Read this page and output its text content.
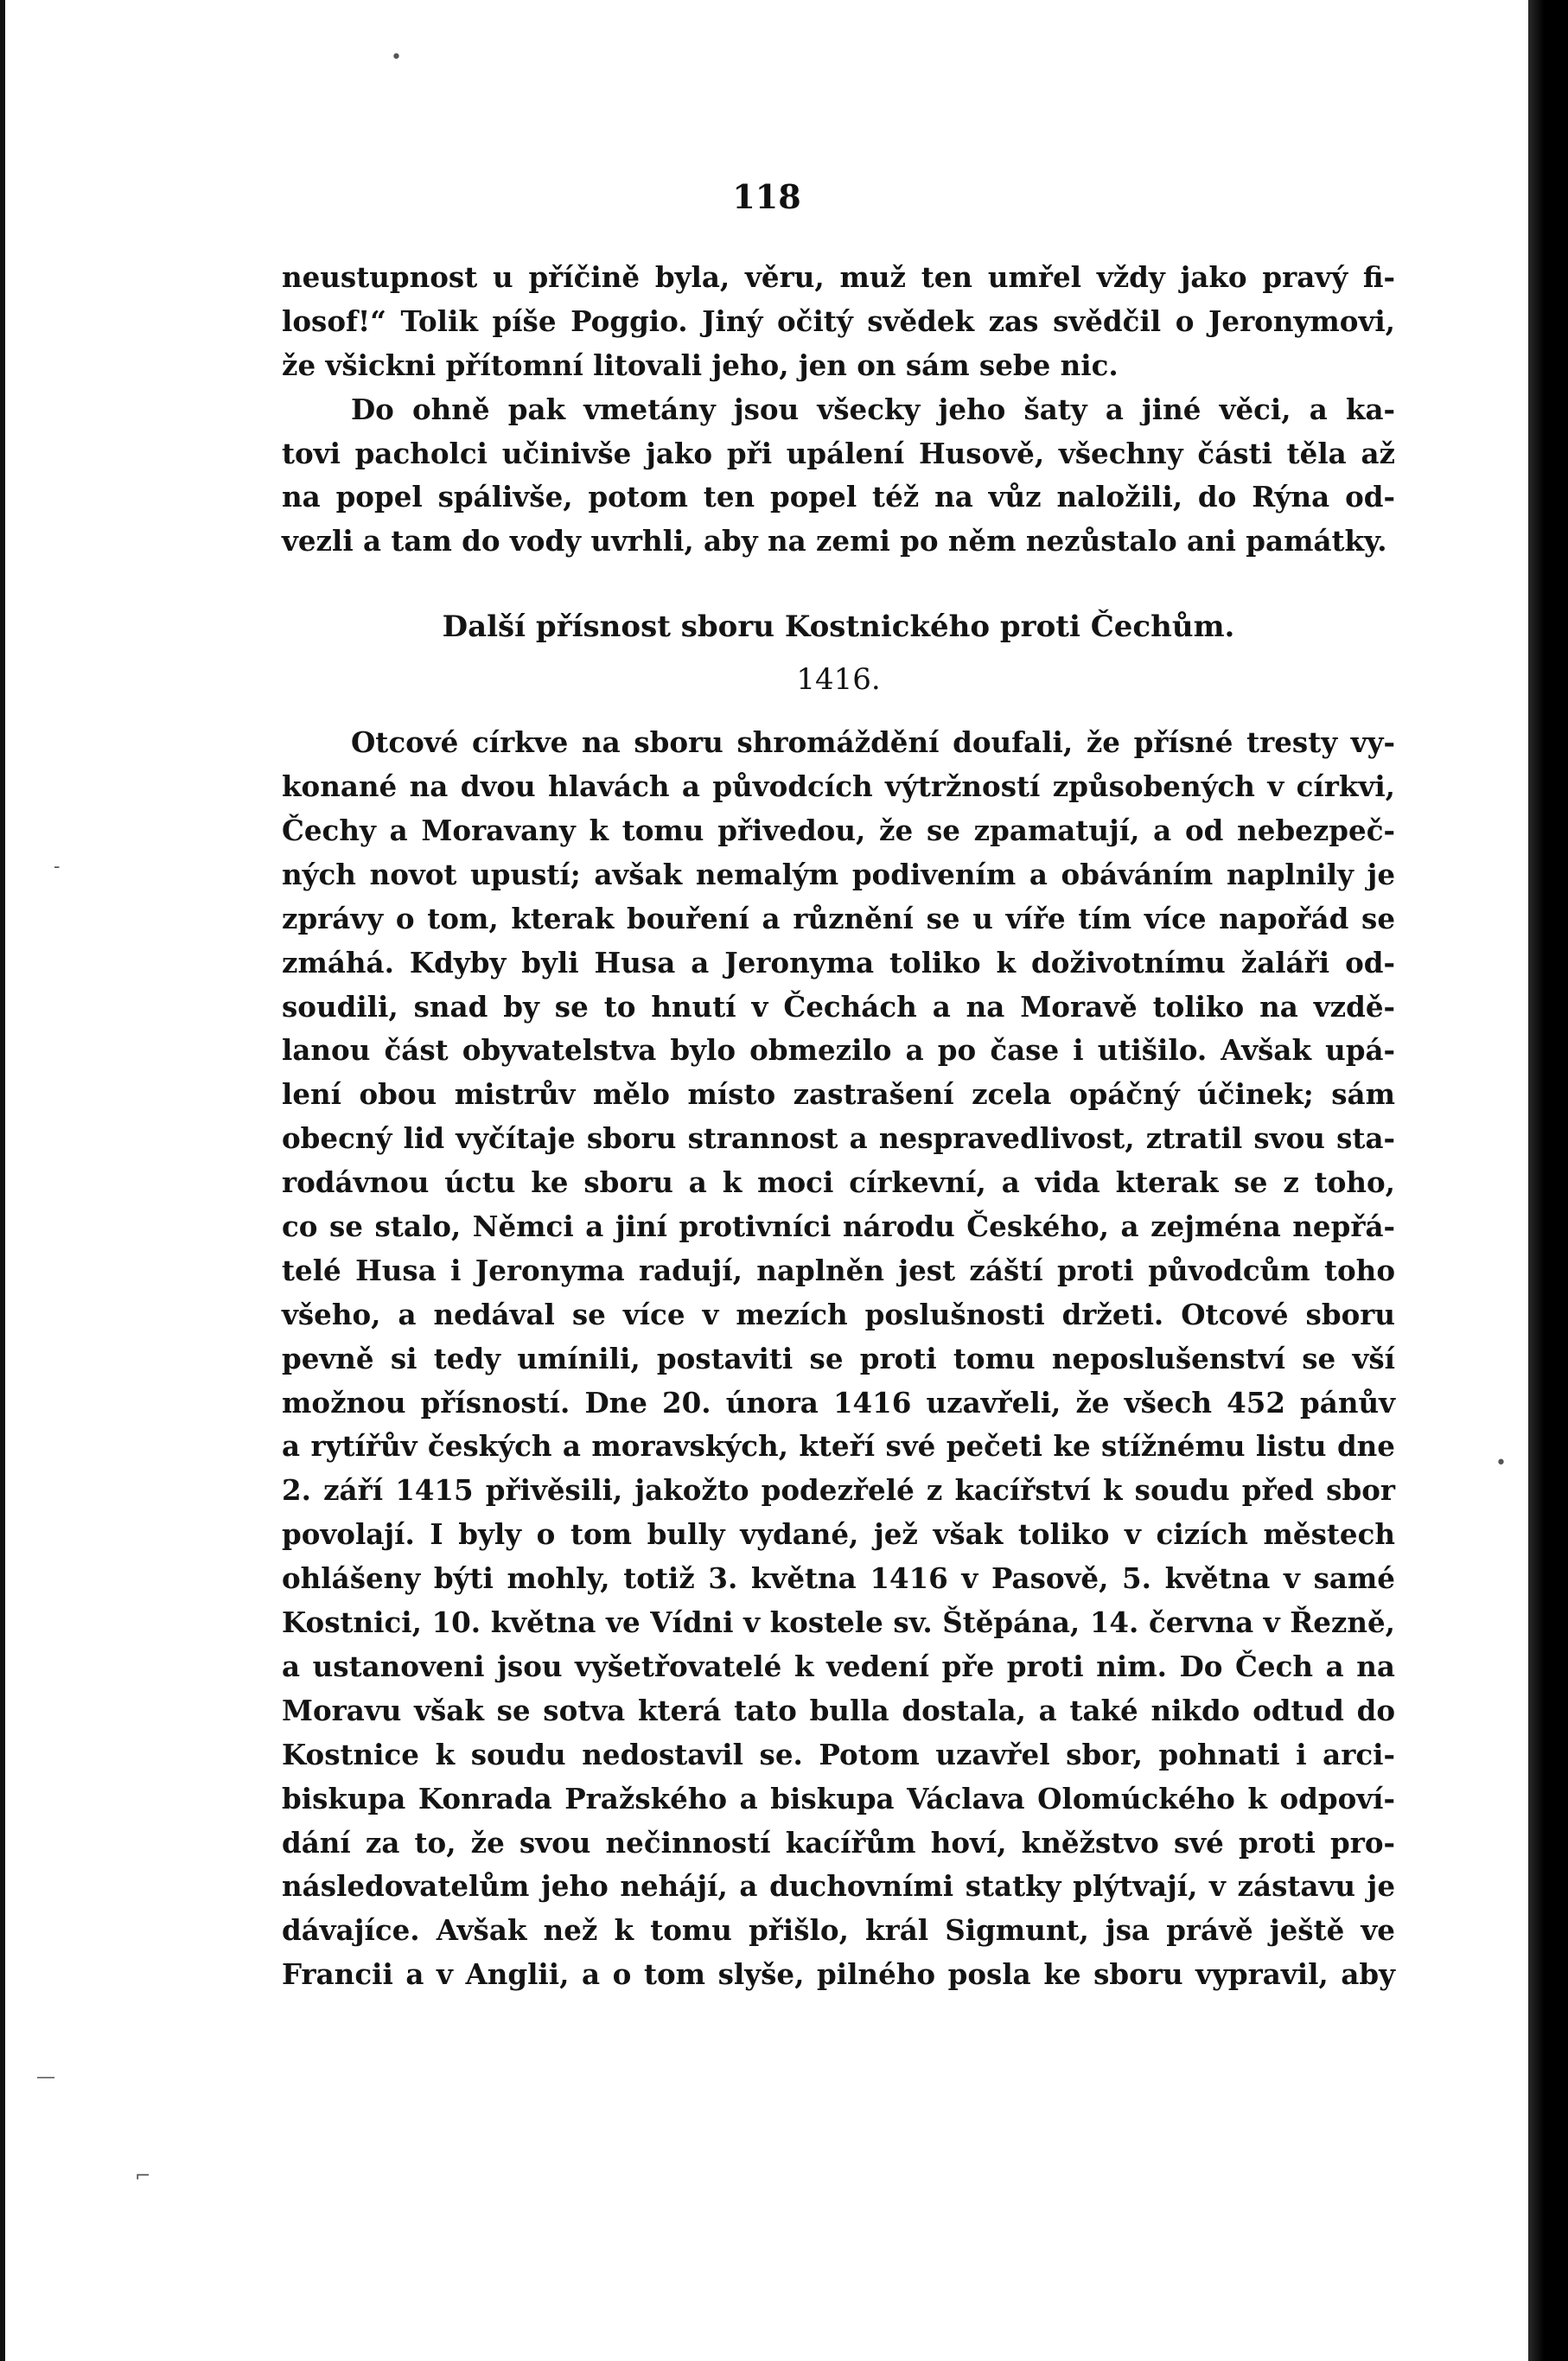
118
neustupnost u příčině byla, věru, muž ten umřel vždy jako pravý fi-
losof!“ Tolik píše Poggio. Jiný očitý svědek zas svědčil o Jeronymovi,
že všickni přítomní litovali jeho, jen on sám sebe nic.
Do ohně pak vmetány jsou všecky jeho šaty a jiné věci, a ka-
tovi pacholci učinivše jako při upálení Husově, všechny části těla až
na popel spálivše, potom ten popel též na vůz naložili, do Rýna od-
vezli a tam do vody uvrhli, aby na zemi po něm nezůstalo ani památky.
Další přísnost sboru Kostnického proti Čechům.
1416.
Otcové církve na sboru shromáždění doufali, že přísné tresty vy-
konané na dvou hlavách a původcích výtržností způsobených v církvi,
Čechy a Moravany k tomu přivedou, že se zpamatují, a od nebezpeč-
ných novot upustí; avšak nemalým podivením a obáváním naplnily je
zprávy o tom, kterak bouření a různění se u víře tím více napořád se
zmáhá. Kdyby byli Husa a Jeronyma toliko k doživotnímu žaláři od-
soudili, snad by se to hnutí v Čechách a na Moravě toliko na vzdě-
lanou část obyvatelstva bylo obmezilo a po čase i utišilo. Avšak upá-
lení obou mistrův mělo místo zastrašení zcela opáčný účinek; sám
obecný lid vyčítaje sboru strannost a nespravedlivost, ztratil svou sta-
rodávnou úctu ke sboru a k moci církevní, a vida kterak se z toho,
co se stalo, Němci a jiní protivníci národu Českého, a zejména nepřá-
telé Husa i Jeronyma radují, naplněn jest záští proti původcům toho
všeho, a nedával se více v mezích poslušnosti držeti. Otcové sboru
pevně si tedy umínili, postaviti se proti tomu neposlušenství se vší
možnou přísností. Dne 20. února 1416 uzavřeli, že všech 452 pánův
a rytířův českých a moravských, kteří své pečeti ke stížnému listu dne
2. září 1415 přivěsili, jakožto podezřelé z kacířství k soudu před sbor
povolají. I byly o tom bully vydané, jež však toliko v cizích městech
ohlášeny býti mohly, totiž 3. května 1416 v Pasově, 5. května v samé
Kostnici, 10. května ve Vídni v kostele sv. Štěpána, 14. června v Řezně,
a ustanoveni jsou vyšetřovatelé k vedení pře proti nim. Do Čech a na
Moravu však se sotva která tato bulla dostala, a také nikdo odtud do
Kostnice k soudu nedostavil se. Potom uzavřel sbor, pohnati i arci-
biskupa Konrada Pražského a biskupa Václava Olomúckého k odpoví-
dání za to, že svou nečinností kacířům hoví, kněžstvo své proti pro-
následovatelům jeho nehájí, a duchovními statky plýtvají, v zástavu je
dávajíce. Avšak než k tomu přišlo, král Sigmunt, jsa právě ještě ve
Francii a v Anglii, a o tom slyše, pilného posla ke sboru vypravil, aby
•
-
•
—
⌐
